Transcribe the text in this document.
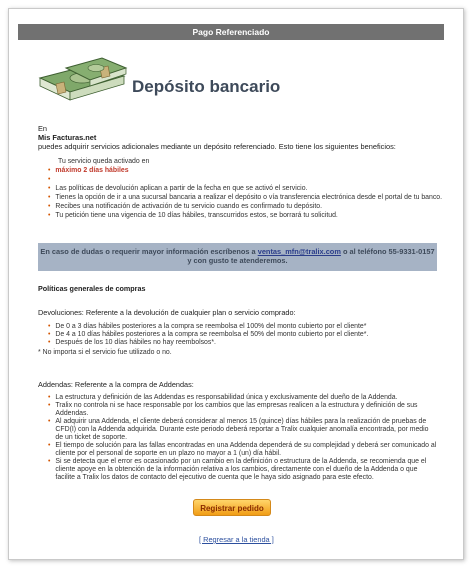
Pago Referenciado
Depósito bancario
En
Mis Facturas.net
puedes adquirir servicios adicionales mediante un depósito referenciado. Esto tiene los siguientes beneficios:
Tu servicio queda activado en
• máximo 2 días hábiles
•
• Las políticas de devolución aplican a partir de la fecha en que se activó el servicio.
• Tienes la opción de ir a una sucursal bancaria a realizar el depósito o vía transferencia electrónica desde el portal de tu banco.
• Recibes una notificación de activación de tu servicio cuando es confirmado tu depósito.
• Tu petición tiene una vigencia de 10 días hábiles, transcurridos estos, se borrará tu solicitud.
En caso de dudas o requerir mayor información escríbenos a ventas_mfn@tralix.com o al teléfono 55-9331-0157 y con gusto te atenderemos.
Políticas generales de compras
Devoluciones: Referente a la devolución de cualquier plan o servicio comprado:
• De 0 a 3 días hábiles posteriores a la compra se reembolsa el 100% del monto cubierto por el cliente*
• De 4 a 10 días hábiles posteriores a la compra se reembolsa el 50% del monto cubierto por el cliente*.
• Después de los 10 días hábiles no hay reembolsos*.
* No importa si el servicio fue utilizado o no.
Addendas: Referente a la compra de Addendas:
• La estructura y definición de las Addendas es responsabilidad única y exclusivamente del dueño de la Addenda.
• Tralix no controla ni se hace responsable por los cambios que las empresas realicen a la estructura y definición de sus Addendas.
• Al adquirir una Addenda, el cliente deberá considerar al menos 15 (quince) días hábiles para la realización de pruebas de CFD(I) con la Addenda adquirida. Durante este periodo deberá reportar a Tralix cualquier anomalía encontrada, por medio de un ticket de soporte.
• El tiempo de solución para las fallas encontradas en una Addenda dependerá de su complejidad y deberá ser comunicado al cliente por el personal de soporte en un plazo no mayor a 1 (un) día hábil.
• Si se detecta que el error es ocasionado por un cambio en la definición o estructura de la Addenda, se recomienda que el cliente apoye en la obtención de la información relativa a los cambios, directamente con el dueño de la Addenda o que facilite a Tralix los datos de contacto del ejecutivo de cuenta que le haya sido asignado para este efecto.
Registrar pedido
[ Regresar a la tienda ]
